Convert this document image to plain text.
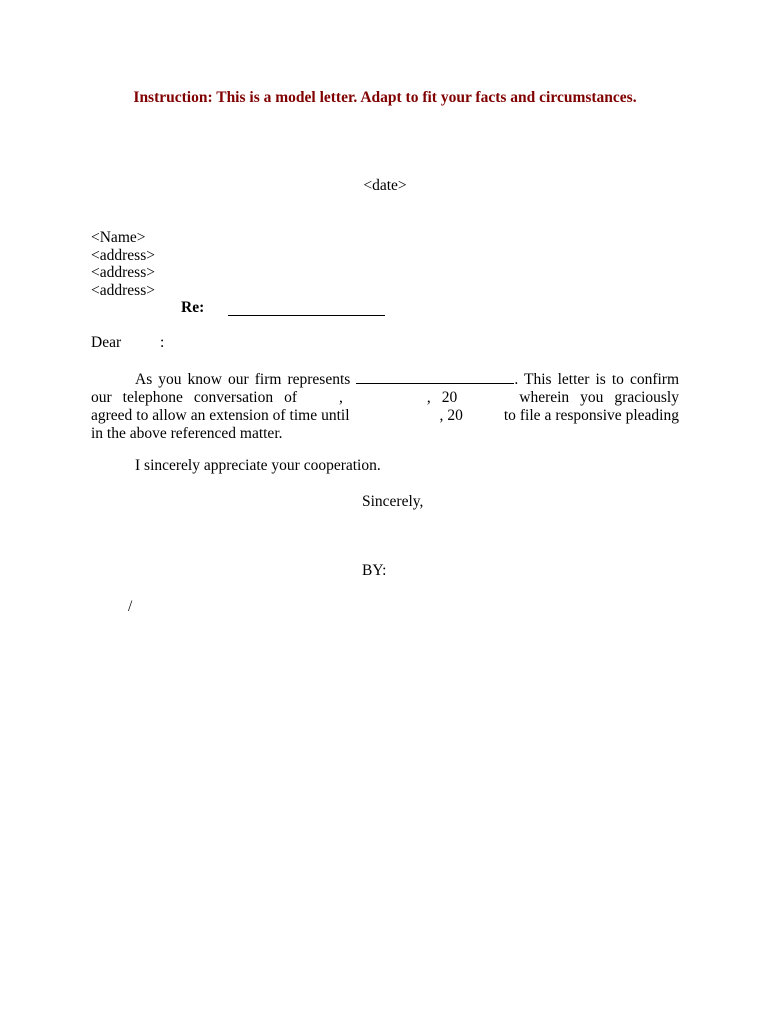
Instruction: This is a model letter. Adapt to fit your facts and circumstances.
<date>
<Name>
<address>
<address>
<address>
Re:
Dear	:
As you know our firm represents	. This letter is to confirm our telephone conversation of	,	, 20	wherein you graciously agreed to allow an extension of time until	, 20	to file a responsive pleading in the above referenced matter.
I sincerely appreciate your cooperation.
Sincerely,
BY:
/
